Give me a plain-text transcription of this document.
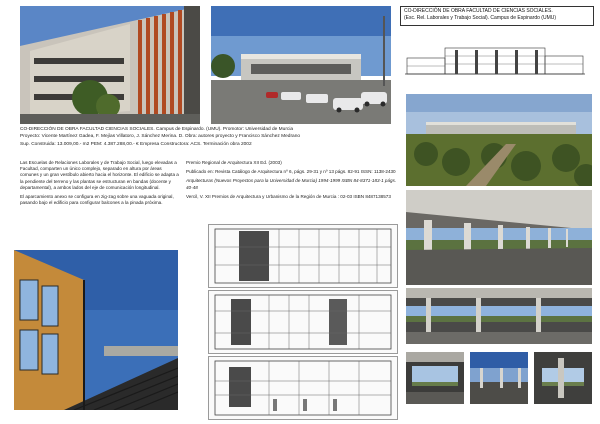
CO-DIRECCIÓN DE OBRA FACULTAD DE CIENCIAS SOCIALES.
(Esc. Rel. Laborales y Trabajo Social). Campus de Espinardo (UMU)
CO-DIRECCIÓN DE OBRA FACULTAD CIENCIAS SOCIALES. Campus de Espinardo. (UMU). Promotor: Universidad de Murcia
Proyecto: Vicente Martínez Gadea, F. Mejías Villatoro, J. Sánchez Merina. D. Obra: autores proyecto y Francisco Sánchez Medrano
Sup. Construida: 13.009,00.- m2 PEM: 4.387.288,00.- € Empresa Constructora: ACS. Terminación obra 2002

Las Escuelas de Relaciones Laborales y de Trabajo Social, luego elevadas a Facultad, comparten un único complejo, separado en altura por áreas comunes y un gran vestíbulo abierto hacia el horizonte. El edificio se adapta a la pendiente del terreno y las plantas se estructuran en bandas (docente y departamental), a ambos lados del eje de comunicación longitudinal.

El aparcamiento anexo se configura en zig-zag sobre una vaguada original, pasando bajo el edificio para configurar balcones a la pinada próxima.

Premio Regional de Arquitectura XII Ed. (2003)

Publicado en: Revista Catálogo de Arquitectura nº 6, págs. 29-31 y nº 13 págs. 82-91 ISSN: 1138-2430

Arquitecturas (Nuevos Proyectos para la Universidad de Murcia) 1994-1999 ISBN 84-8371-183-1 págs. 40-48

Vercil, V. XII Premios de Arquitectura y Urbanismo de la Región de Murcia : 02-03 ISBN 8487138573
